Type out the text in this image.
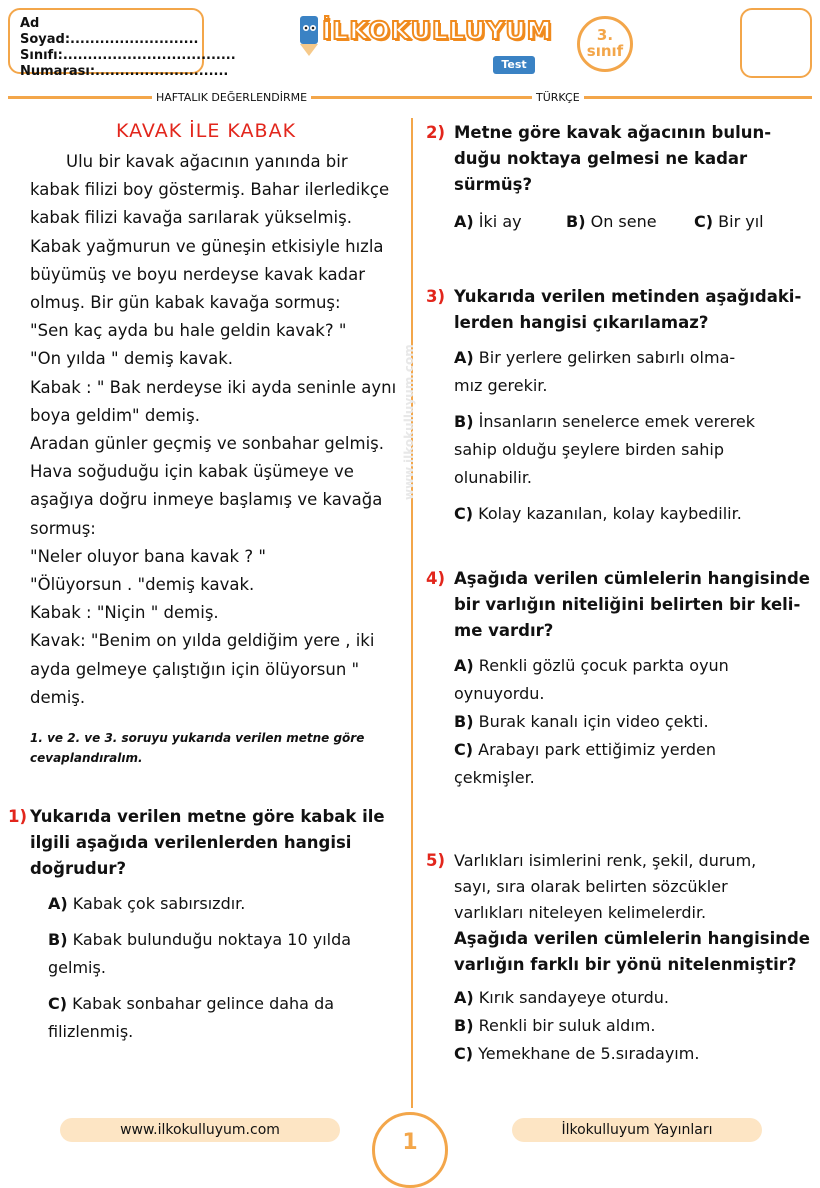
Ad Soyad:..........................
Sınıfı:...................................
Numarası:...........................
İLKOKULLUYUM
Test
3.
sınıf
HAFTALIK DEĞERLENDİRME	TÜRKÇE
www.ilkokulluyum.com
KAVAK İLE KABAK
Ulu bir kavak ağacının yanında bir
kabak filizi boy göstermiş. Bahar ilerledikçe
kabak filizi kavağa sarılarak yükselmiş.
Kabak yağmurun ve güneşin etkisiyle hızla
büyümüş ve boyu nerdeyse kavak kadar
olmuş. Bir gün kabak kavağa sormuş:
"Sen kaç ayda bu hale geldin kavak? "
"On yılda " demiş kavak.
Kabak : " Bak nerdeyse iki ayda seninle aynı
boya geldim" demiş.
Aradan günler geçmiş ve sonbahar gelmiş.
Hava soğuduğu için kabak üşümeye ve
aşağıya doğru inmeye başlamış ve kavağa
sormuş:
"Neler oluyor bana kavak ? "
"Ölüyorsun . "demiş kavak.
Kabak : "Niçin " demiş.
Kavak: "Benim on yılda geldiğim yere , iki
ayda gelmeye çalıştığın için ölüyorsun "
demiş.
1. ve 2. ve 3. soruyu yukarıda verilen metne göre
cevaplandıralım.
1) Yukarıda verilen metne göre kabak ile
ilgili aşağıda verilenlerden hangisi
doğrudur?
A) Kabak çok sabırsızdır.
B) Kabak bulunduğu noktaya 10 yılda
gelmiş.
C) Kabak sonbahar gelince daha da
filizlenmiş.
2) Metne göre kavak ağacının bulun-
duğu noktaya gelmesi ne kadar
sürmüş?
A) İki ay	B) On sene C) Bir yıl
3) Yukarıda verilen metinden aşağıdaki-
lerden hangisi çıkarılamaz?
A) Bir yerlere gelirken sabırlı olma-
mız gerekir.
B) İnsanların senelerce emek vererek
sahip olduğu şeylere birden sahip
olunabilir.
C) Kolay kazanılan, kolay kaybedilir.
4) Aşağıda verilen cümlelerin hangisinde
bir varlığın niteliğini belirten bir keli-
me vardır?
A) Renkli gözlü çocuk parkta oyun
oynuyordu.
B) Burak kanalı için video çekti.
C) Arabayı park ettiğimiz yerden
çekmişler.
5) Varlıkları isimlerini renk, şekil, durum,
sayı, sıra olarak belirten sözcükler
varlıkları niteleyen kelimelerdir.
Aşağıda verilen cümlelerin hangisinde
varlığın farklı bir yönü nitelenmiştir?
A) Kırık sandayeye oturdu.
B) Renkli bir suluk aldım.
C) Yemekhane de 5.sıradayım.
www.ilkokulluyum.com	1	İlkokulluyum Yayınları
